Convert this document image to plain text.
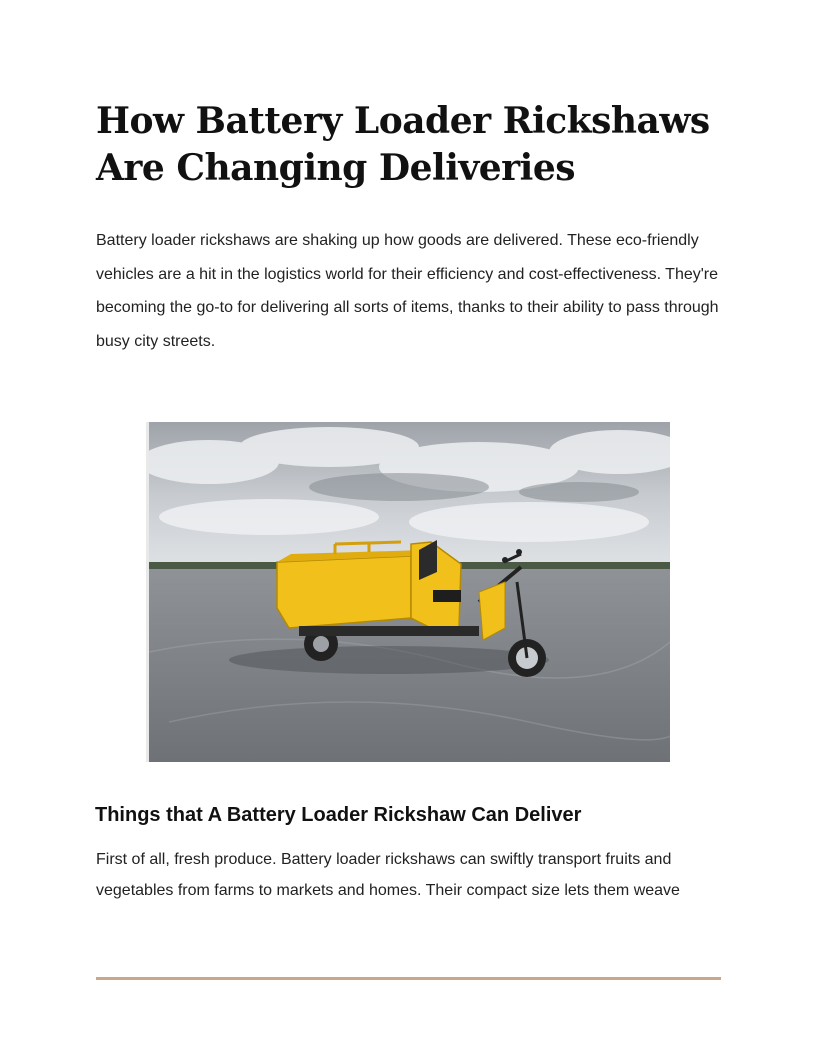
How Battery Loader Rickshaws Are Changing Deliveries

Battery loader rickshaws are shaking up how goods are delivered. These eco-friendly vehicles are a hit in the logistics world for their efficiency and cost-effectiveness. They're becoming the go-to for delivering all sorts of items, thanks to their ability to pass through busy city streets.

Things that A Battery Loader Rickshaw Can Deliver

First of all, fresh produce. Battery loader rickshaws can swiftly transport fruits and vegetables from farms to markets and homes. Their compact size lets them weave
